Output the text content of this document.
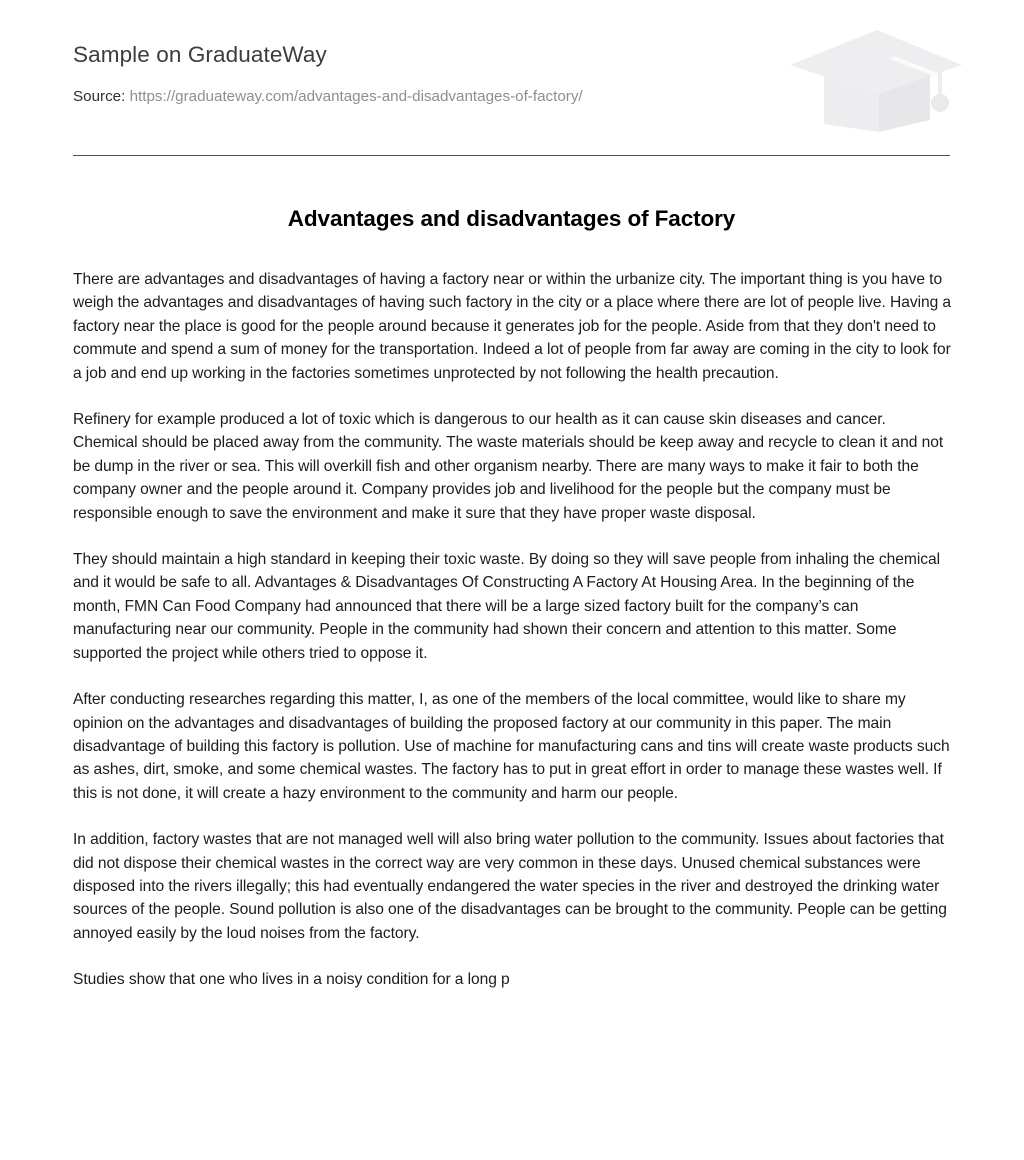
Sample on GraduateWay

Source: https://graduateway.com/advantages-and-disadvantages-of-factory/

Advantages and disadvantages of Factory

There are advantages and disadvantages of having a factory near or within the urbanize city. The important thing is you have to weigh the advantages and disadvantages of having such factory in the city or a place where there are lot of people live. Having a factory near the place is good for the people around because it generates job for the people. Aside from that they don't need to commute and spend a sum of money for the transportation. Indeed a lot of people from far away are coming in the city to look for a job and end up working in the factories sometimes unprotected by not following the health precaution.

Refinery for example produced a lot of toxic which is dangerous to our health as it can cause skin diseases and cancer. Chemical should be placed away from the community. The waste materials should be keep away and recycle to clean it and not be dump in the river or sea. This will overkill fish and other organism nearby. There are many ways to make it fair to both the company owner and the people around it. Company provides job and livelihood for the people but the company must be responsible enough to save the environment and make it sure that they have proper waste disposal.

They should maintain a high standard in keeping their toxic waste. By doing so they will save people from inhaling the chemical and it would be safe to all. Advantages & Disadvantages Of Constructing A Factory At Housing Area. In the beginning of the month, FMN Can Food Company had announced that there will be a large sized factory built for the company’s can manufacturing near our community. People in the community had shown their concern and attention to this matter. Some supported the project while others tried to oppose it.

After conducting researches regarding this matter, I, as one of the members of the local committee, would like to share my opinion on the advantages and disadvantages of building the proposed factory at our community in this paper. The main disadvantage of building this factory is pollution. Use of machine for manufacturing cans and tins will create waste products such as ashes, dirt, smoke, and some chemical wastes. The factory has to put in great effort in order to manage these wastes well. If this is not done, it will create a hazy environment to the community and harm our people.

In addition, factory wastes that are not managed well will also bring water pollution to the community. Issues about factories that did not dispose their chemical wastes in the correct way are very common in these days. Unused chemical substances were disposed into the rivers illegally; this had eventually endangered the water species in the river and destroyed the drinking water sources of the people. Sound pollution is also one of the disadvantages can be brought to the community. People can be getting annoyed easily by the loud noises from the factory.

Studies show that one who lives in a noisy condition for a long p
